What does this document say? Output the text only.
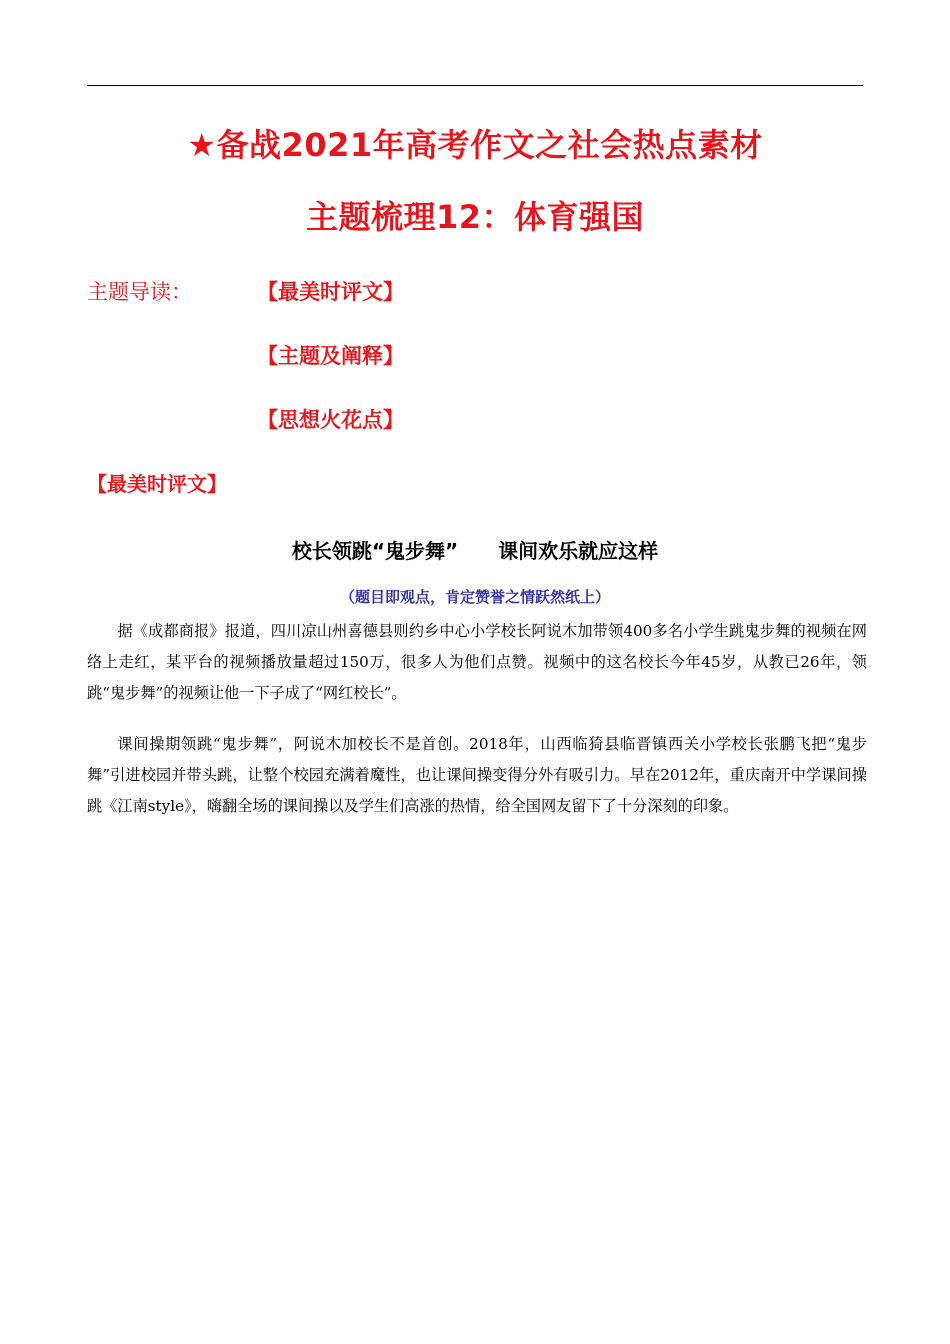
★备战2021年高考作文之社会热点素材
主题梳理12：体育强国
主题导读：	【最美时评文】
【主题及阐释】
【思想火花点】
【最美时评文】
校长领跳“鬼步舞”　　课间欢乐就应这样
（题目即观点，肯定赞誉之情跃然纸上）

据《成都商报》报道，四川凉山州喜德县则约乡中心小学校长阿说木加带领400多名小学生跳鬼步舞的视频在网络上走红，某平台的视频播放量超过150万，很多人为他们点赞。视频中的这名校长今年45岁，从教已26年，领跳“鬼步舞”的视频让他一下子成了“网红校长”。

课间操期领跳“鬼步舞”，阿说木加校长不是首创。2018年，山西临猗县临晋镇西关小学校长张鹏飞把“鬼步舞”引进校园并带头跳，让整个校园充满着魔性，也让课间操变得分外有吸引力。早在2012年，重庆南开中学课间操跳《江南style》，嗨翻全场的课间操以及学生们高涨的热情，给全国网友留下了十分深刻的印象。
